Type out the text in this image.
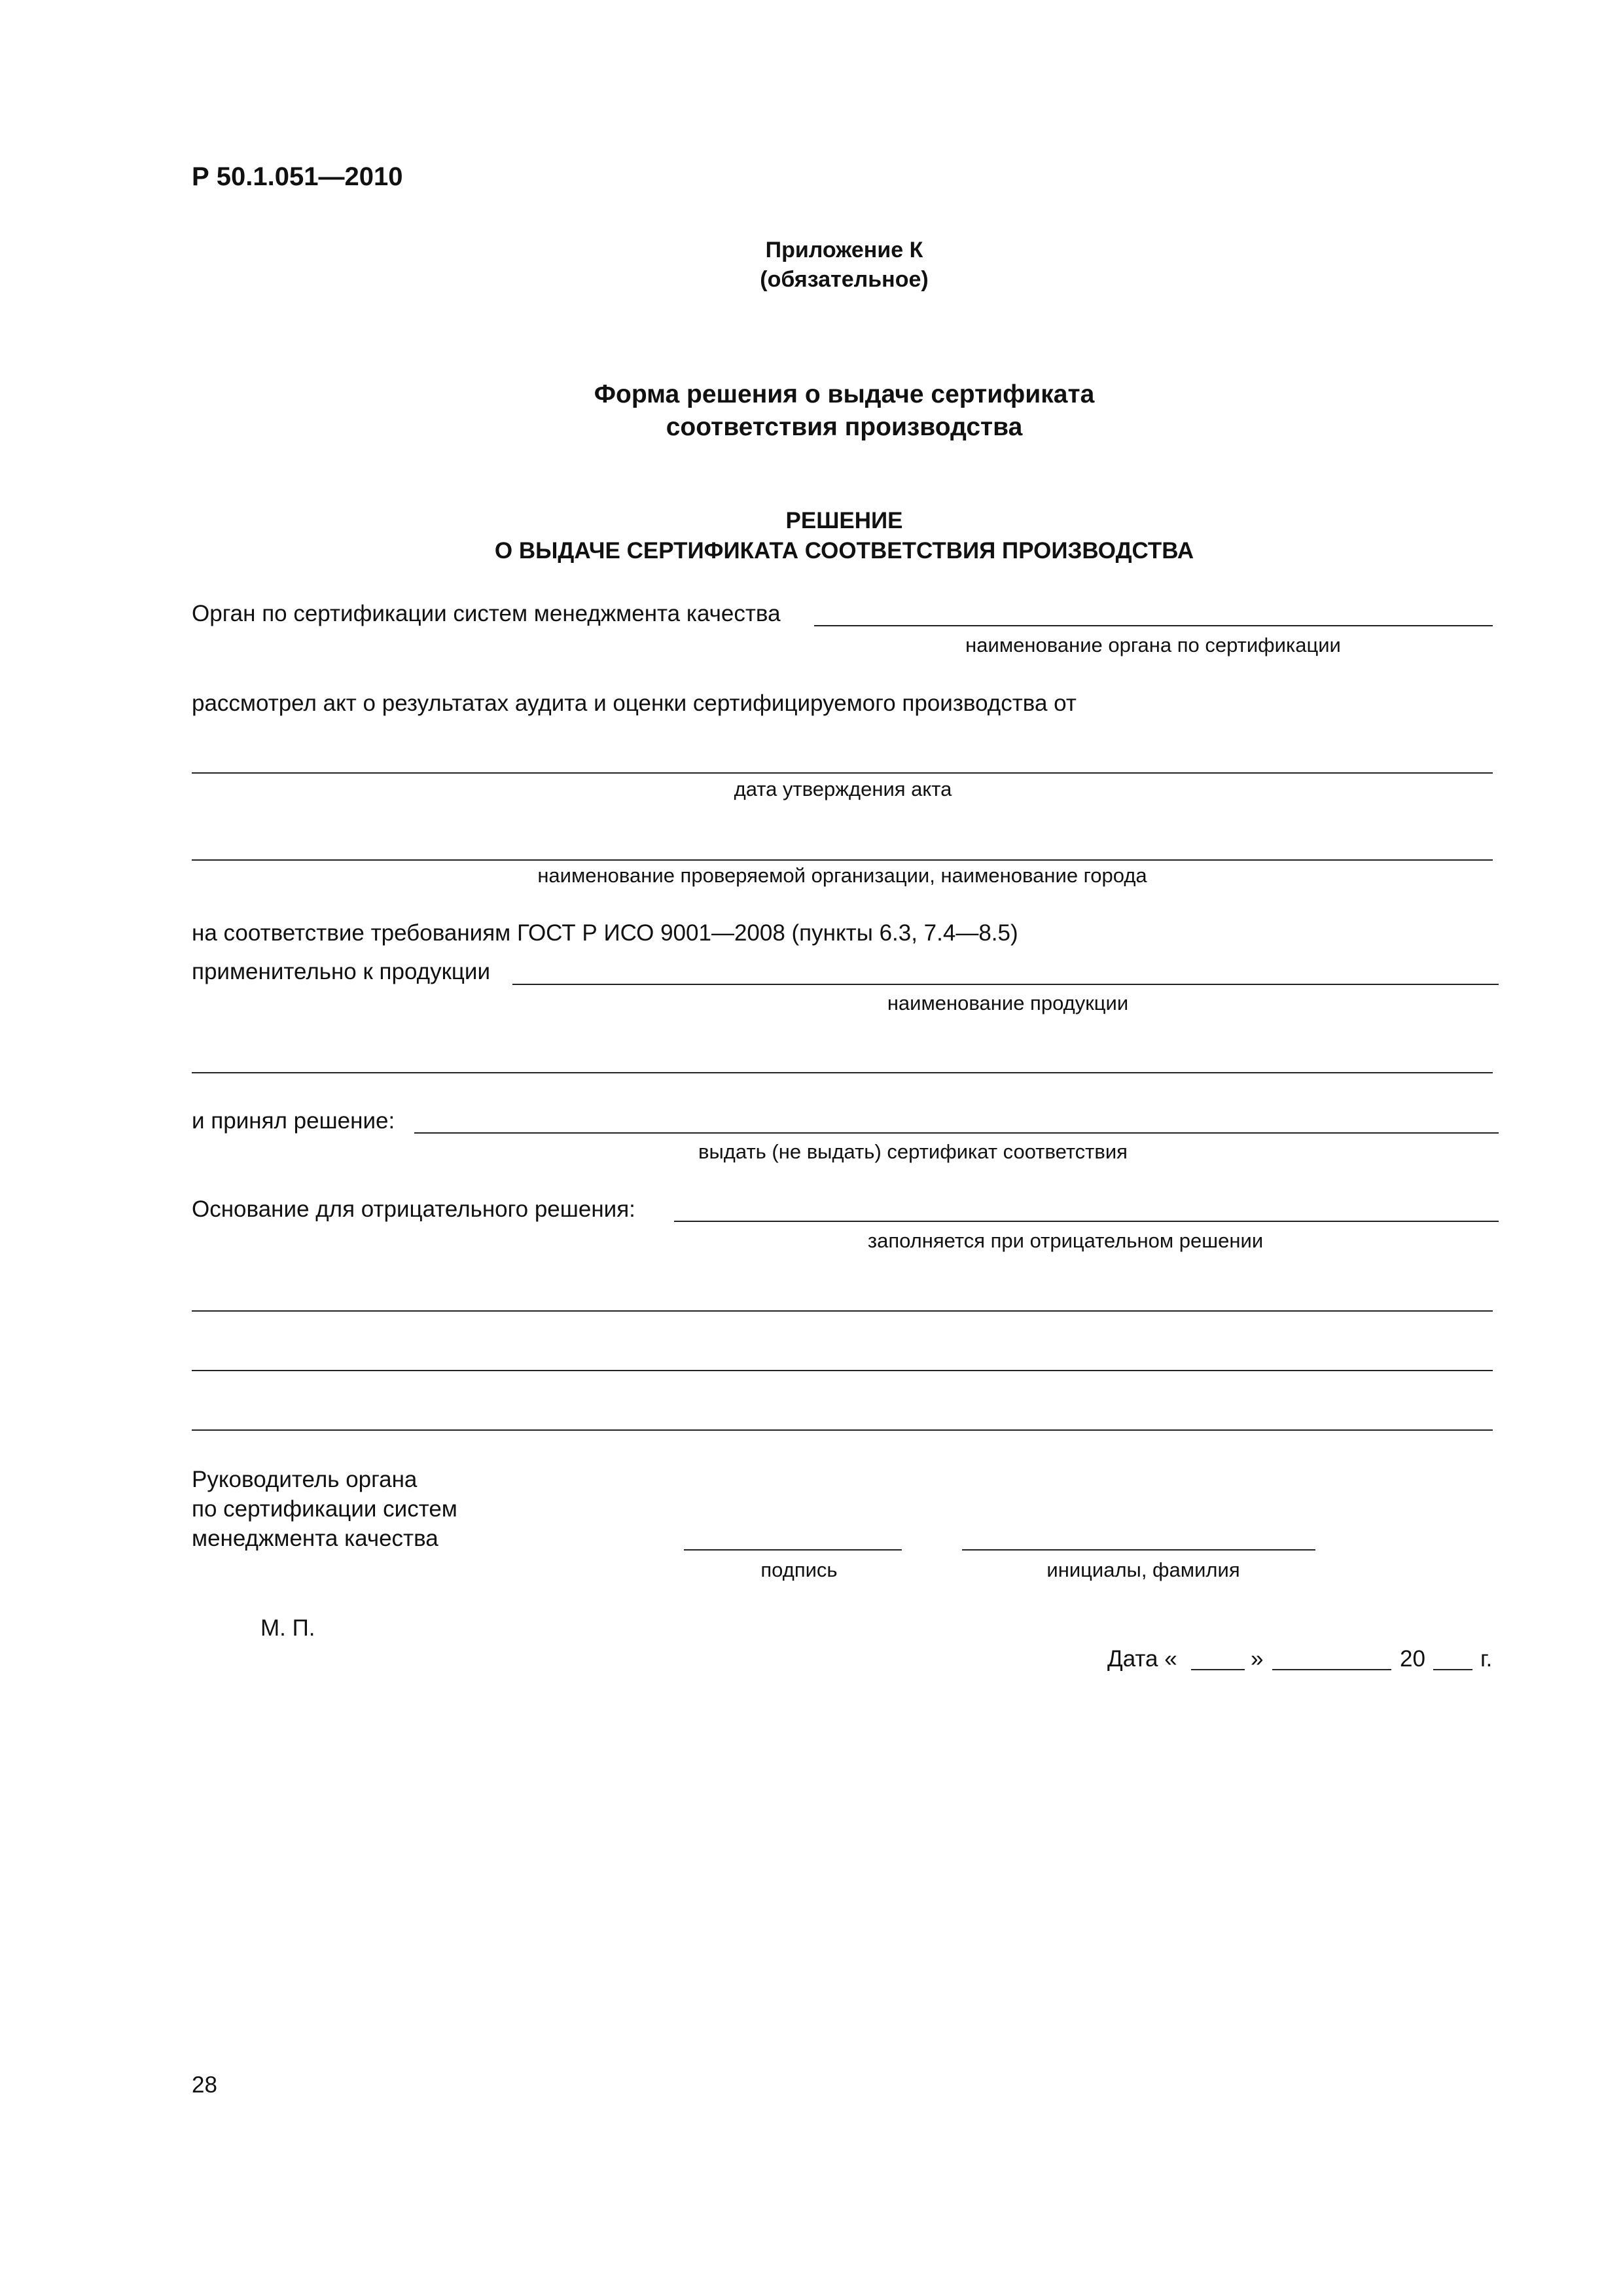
Р 50.1.051—2010
Приложение К
(обязательное)
Форма решения о выдаче сертификата
соответствия производства
РЕШЕНИЕ
О ВЫДАЧЕ СЕРТИФИКАТА СООТВЕТСТВИЯ ПРОИЗВОДСТВА
Орган по сертификации систем менеджмента качества
наименование органа по сертификации
рассмотрел акт о результатах аудита и оценки сертифицируемого производства от
дата утверждения акта
наименование проверяемой организации, наименование города
на соответствие требованиям ГОСТ Р ИСО 9001—2008 (пункты 6.3, 7.4—8.5)
применительно к продукции
наименование продукции
и принял решение:
выдать (не выдать) сертификат соответствия
Основание для отрицательного решения:
заполняется при отрицательном решении
Руководитель органа
по сертификации систем
менеджмента качества
подпись	инициалы, фамилия
М. П.
Дата «	»	20 г.
28
